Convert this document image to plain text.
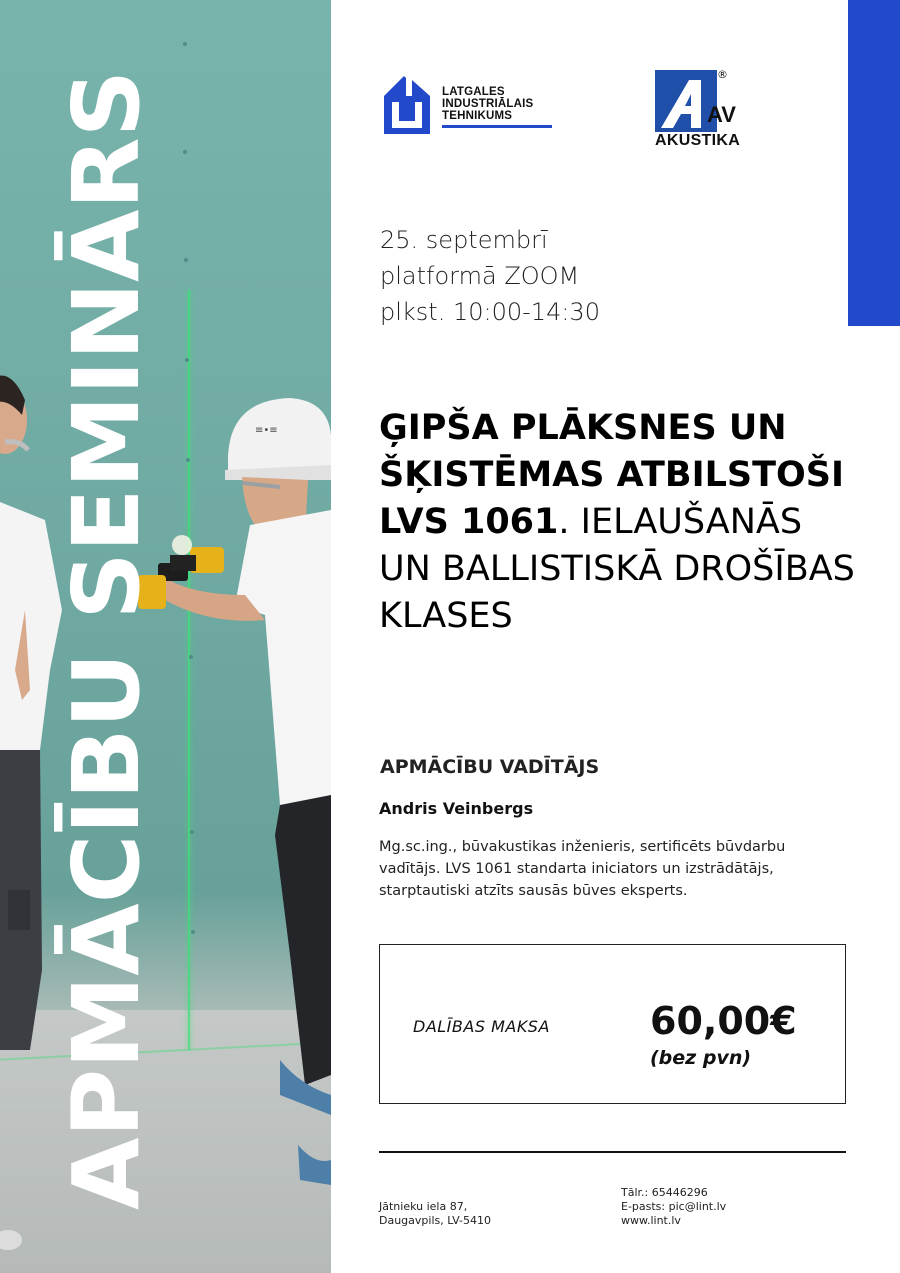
≡•≡
APMĀCĪBU SEMINĀRS	LATGALES
INDUSTRIĀLAIS
TEHNIKUMS
®
AV
AKUSTIKA
25. septembrī
platformā ZOOM
plkst. 10:00-14:30
ĢIPŠA PLĀKSNES UN ŠĶISTĒMAS ATBILSTOŠI LVS 1061. IELAUŠANĀS UN BALLISTISKĀ DROŠĪBAS KLASES
APMĀCĪBU VADĪTĀJS
Andris Veinbergs
Mg.sc.ing., būvakustikas inženieris, sertificēts būvdarbu vadītājs. LVS 1061 standarta iniciators un izstrādātājs, starptautiski atzīts sausās būves eksperts.
DALĪBAS MAKSA	60,00€
(bez pvn)
Jātnieku iela 87,
Daugavpils, LV-5410
Tālr.: 65446296
E-pasts: pic@lint.lv
www.lint.lv
